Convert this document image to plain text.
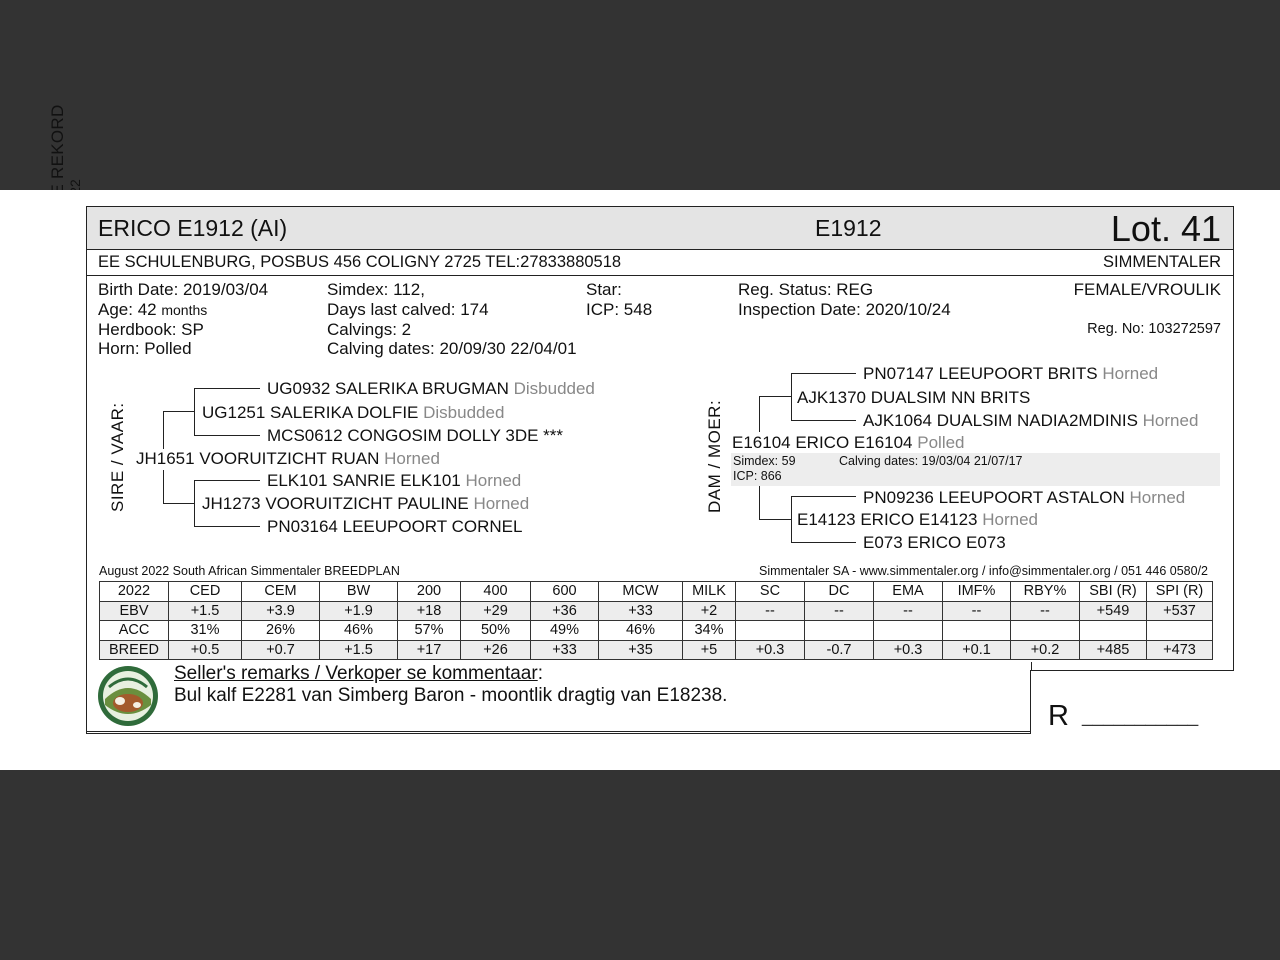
ERICO E1912 (AI)	E1912	Lot. 41
EE SCHULENBURG, POSBUS 456 COLIGNY 2725 TEL:27833880518	SIMMENTALER
Birth Date: 2019/03/04
Age: 42 months
Herdbook: SP
Horn: Polled
Simdex: 112,
Days last calved: 174
Calvings: 2
Calving dates: 20/09/30 22/04/01
Star:
ICP: 548
Reg. Status: REG
Inspection Date: 2020/10/24
FEMALE/VROULIK
Reg. No: 103272597
SIRE / VAAR:
UG0932 SALERIKA BRUGMAN Disbudded
UG1251 SALERIKA DOLFIE Disbudded
MCS0612 CONGOSIM DOLLY 3DE ***
JH1651 VOORUITZICHT RUAN Horned
ELK101 SANRIE ELK101 Horned
JH1273 VOORUITZICHT PAULINE Horned
PN03164 LEEUPOORT CORNEL
DAM / MOER:
PN07147 LEEUPOORT BRITS Horned
AJK1370 DUALSIM NN BRITS
AJK1064 DUALSIM NADIA2MDINIS Horned
E16104 ERICO E16104 Polled
Simdex: 59	Calving dates: 19/03/04 21/07/17
ICP: 866
PN09236 LEEUPOORT ASTALON Horned
E14123 ERICO E14123 Horned
E073 ERICO E073
August 2022 South African Simmentaler BREEDPLAN	Simmentaler SA - www.simmentaler.org / info@simmentaler.org / 051 446 0580/2
2022	CED	CEM	BW	200	400	600	MCW	MILK	SC	DC	EMA	IMF%	RBY%	SBI (R)	SPI (R)
EBV	+1.5	+3.9	+1.9	+18	+29	+36	+33	+2	--	--	--	--	--	+549	+537
ACC	31%	26%	46%	57%	50%	49%	46%	34%							
BREED	+0.5	+0.7	+1.5	+17	+26	+33	+35	+5	+0.3	-0.7	+0.3	+0.1	+0.2	+485	+473
Seller's remarks / Verkoper se kommentaar:
Bul kalf E2281 van Simberg Baron - moontlik dragtig van E18238.
R ___________
